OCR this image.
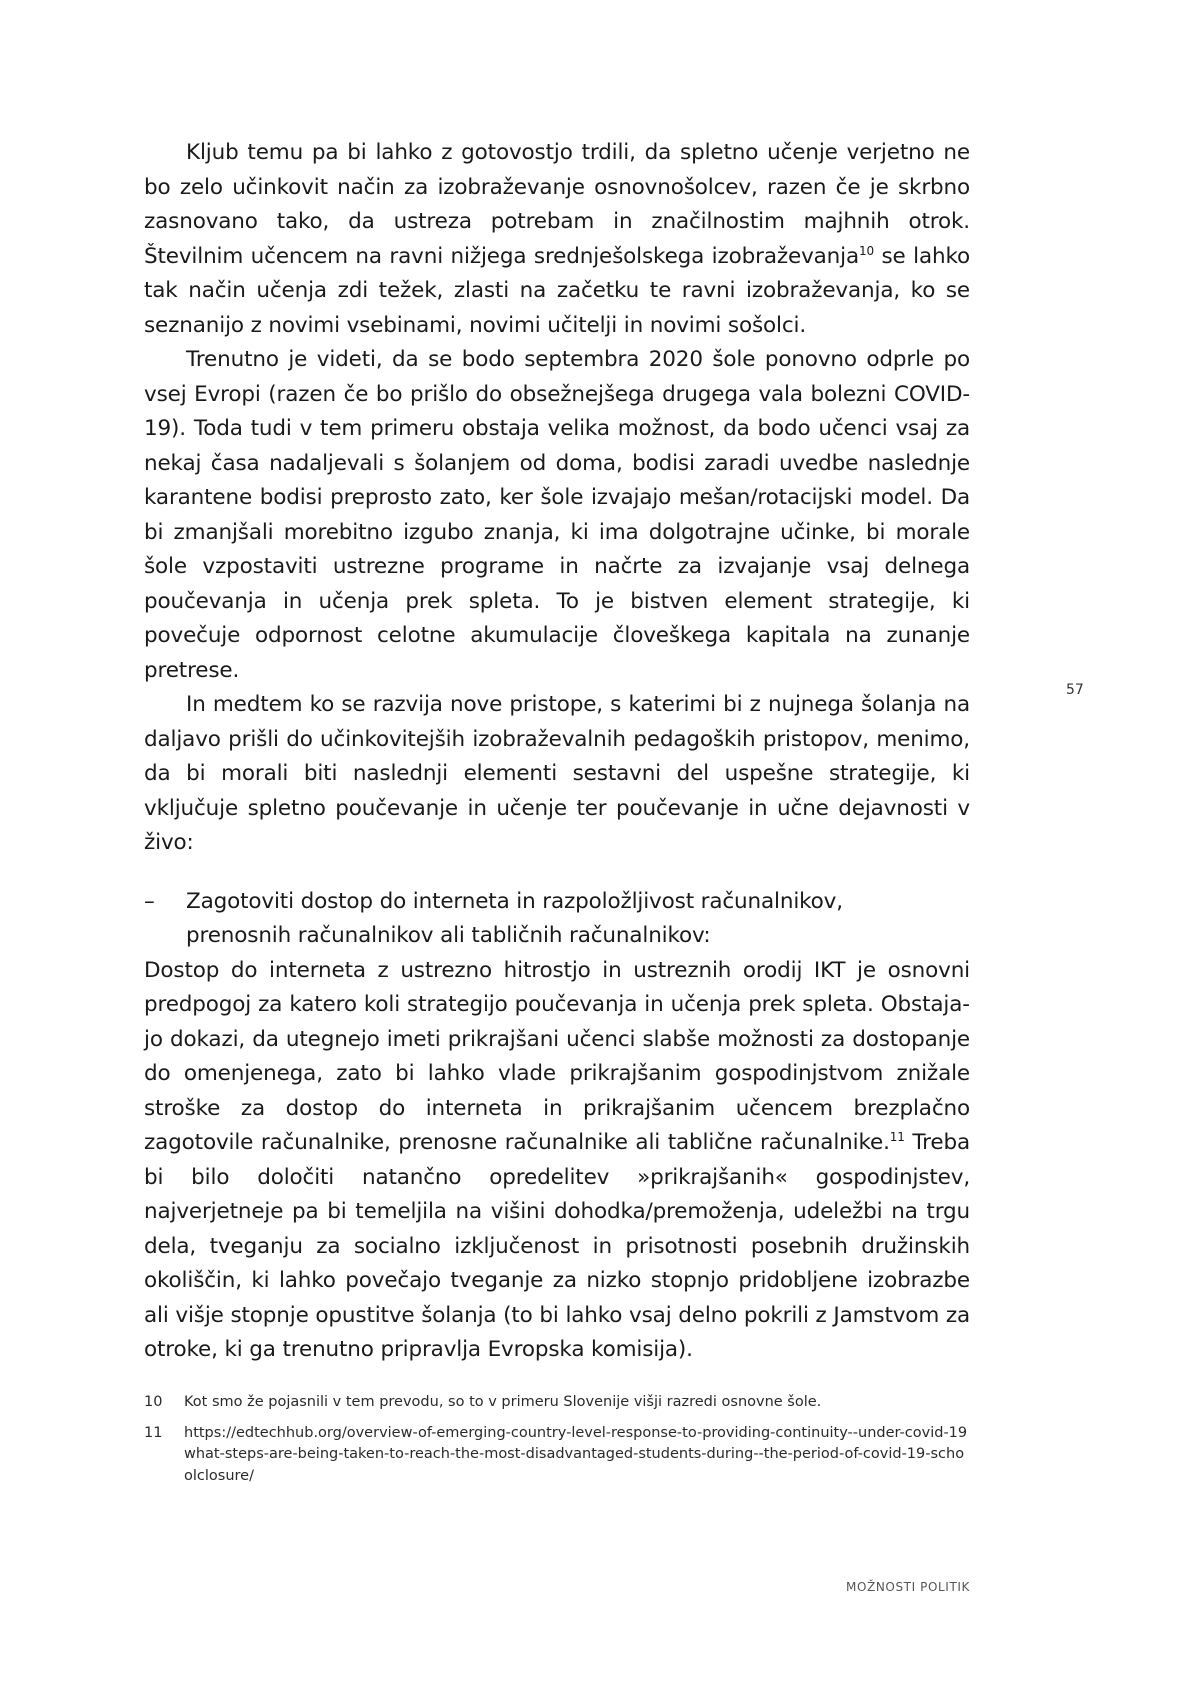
Kljub temu pa bi lahko z gotovostjo trdili, da spletno učenje verjetno ne bo zelo učinkovit način za izobraževanje osnovnošolcev, razen če je skrbno zasnovano tako, da ustreza potrebam in značilnostim majhnih otrok. Številnim učencem na ravni nižjega srednješolskega izobraževanja$^{10}$ se lahko tak način učenja zdi težek, zlasti na začetku te ravni izobraževanja, ko se seznanijo z novimi vsebinami, novimi učitelji in novimi sošolci.

Trenutno je videti, da se bodo septembra 2020 šole ponovno odprle po vsej Evropi (razen če bo prišlo do obsežnejšega drugega vala bolezni COVID-19). Toda tudi v tem primeru obstaja velika možnost, da bodo učenci vsaj za nekaj časa nadaljevali s šolanjem od doma, bodisi zaradi uvedbe naslednje karantene bodisi preprosto zato, ker šole izvajajo mešan/rotacijski model. Da bi zmanjšali morebitno izgubo znanja, ki ima dolgotrajne učinke, bi morale šole vzpostaviti ustrezne programe in načrte za izvajanje vsaj delnega poučevanja in učenja prek spleta. To je bistven element strategije, ki povečuje odpornost celotne akumulacije človeškega kapitala na zunanje pretrese.

In medtem ko se razvija nove pristope, s katerimi bi z nujnega šolanja na daljavo prišli do učinkovitejših izobraževalnih pedagoških pristopov, menimo, da bi morali biti naslednji elementi sestavni del uspešne strategije, ki vključuje spletno poučevanje in učenje ter poučevanje in učne dejavnosti v živo:

–	Zagotoviti dostop do interneta in razpoložljivost računalnikov, prenosnih računalnikov ali tabličnih računalnikov:

Dostop do interneta z ustrezno hitrostjo in ustreznih orodij IKT je osnovni predpogoj za katero koli strategijo poučevanja in učenja prek spleta. Obstajajo dokazi, da utegnejo imeti prikrajšani učenci slabše možnosti za dostopanje do omenjenega, zato bi lahko vlade prikrajšanim gospodinjstvom znižale stroške za dostop do interneta in prikrajšanim učencem brezplačno zagotovile računalnike, prenosne računalnike ali tablične računalnike.$^{11}$ Treba bi bilo določiti natančno opredelitev »prikrajšanih« gospodinjstev, najverjetneje pa bi temeljila na višini dohodka/premoženja, udeležbi na trgu dela, tveganju za socialno izključenost in prisotnosti posebnih družinskih okoliščin, ki lahko povečajo tveganje za nizko stopnjo pridobljene izobrazbe ali višje stopnje opustitve šolanja (to bi lahko vsaj delno pokrili z Jamstvom za otroke, ki ga trenutno pripravlja Evropska komisija).

57
10	Kot smo že pojasnili v tem prevodu, so to v primeru Slovenije višji razredi osnovne šole.
11	https://edtechhub.org/overview-of-emerging-country-level-response-to-providing-continuity--under-covid-19what-steps-are-being-taken-to-reach-the-most-disadvantaged-students-during--the-period-of-covid-19-schoolclosure/
MOŽNOSTI POLITIK
